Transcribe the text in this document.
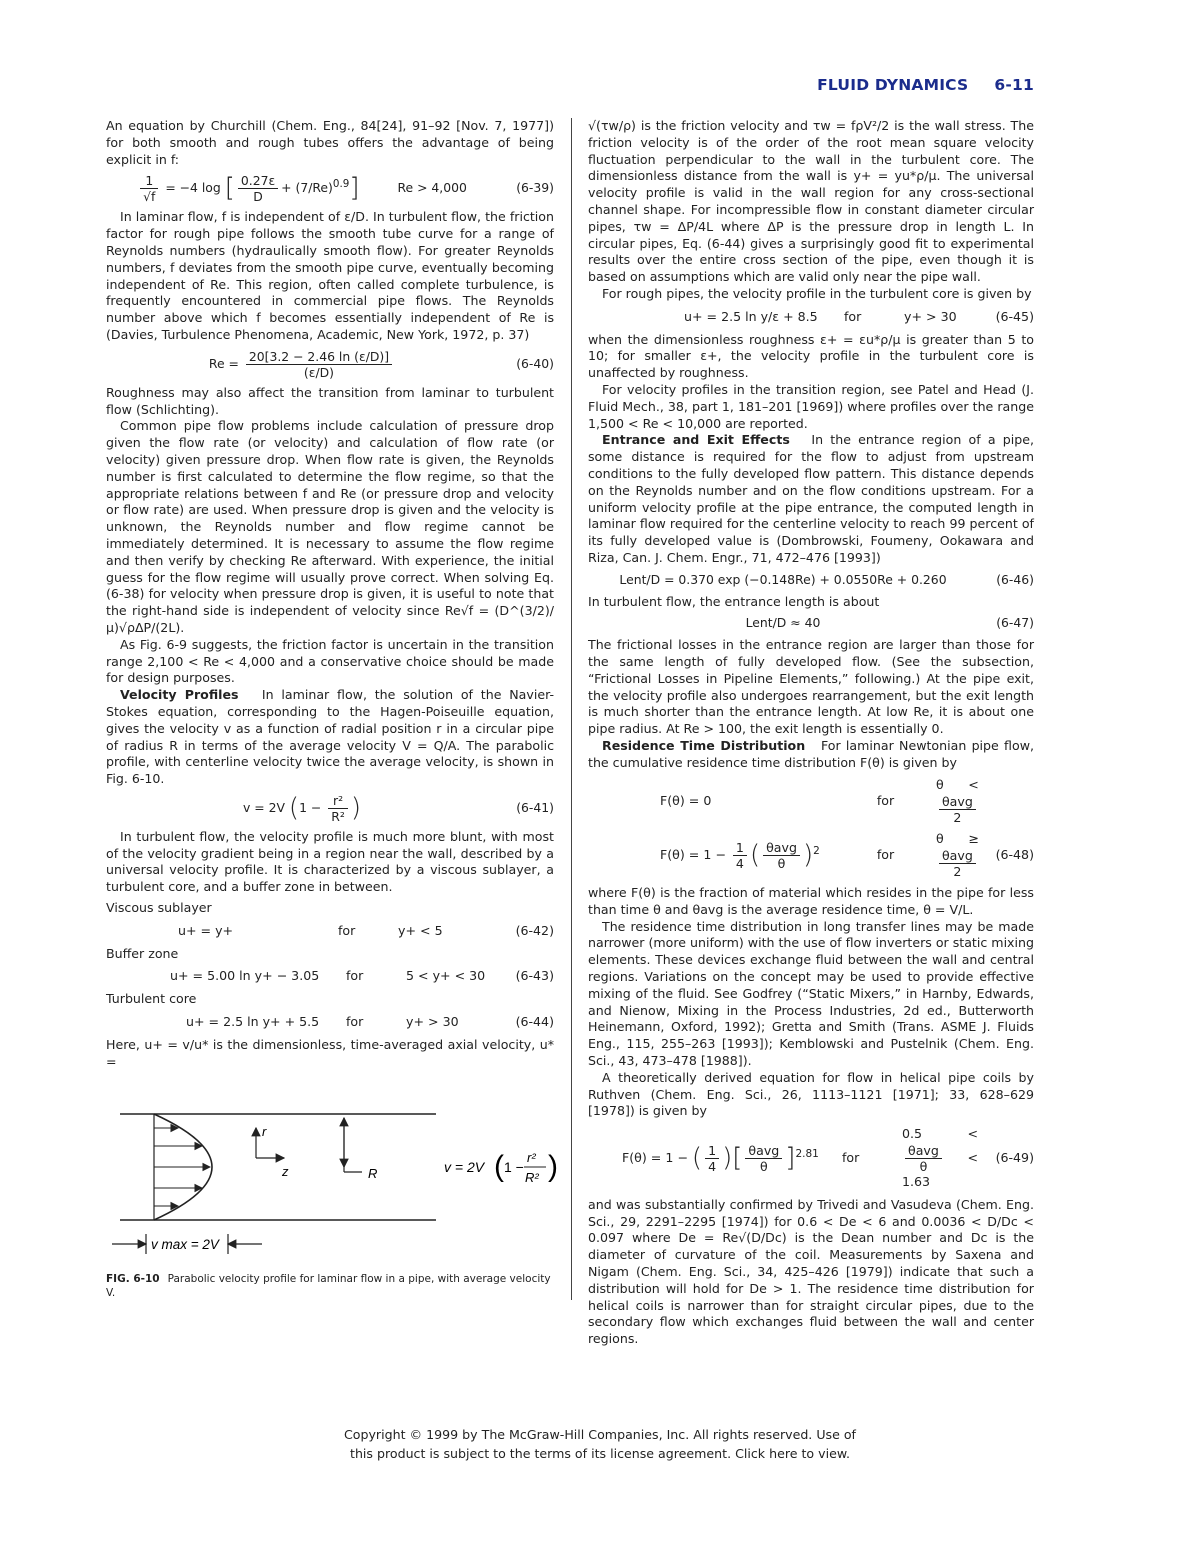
FLUID DYNAMICS 6-11

An equation by Churchill (Chem. Eng., 84[24], 91–92 [Nov. 7, 1977]) for both smooth and rough tubes offers the advantage of being explicit in f:

$\frac{1}{√f} = -4$ log [ $\frac{0.27\varepsilon}{D} + (7/Re)^{0.9}$]	Re > 4,000	(6-39)

In laminar flow, f is independent of ε/D. In turbulent flow, the friction factor for rough pipe follows the smooth tube curve for a range of Reynolds numbers (hydraulically smooth flow). For greater Reynolds numbers, f deviates from the smooth pipe curve, eventually becoming independent of Re. This region, often called complete turbulence, is frequently encountered in commercial pipe flows. The Reynolds number above which f becomes essentially independent of Re is (Davies, Turbulence Phenomena, Academic, New York, 1972, p. 37)

$Re = \frac{20[3.2 - 2.46 \ln (\varepsilon/D)]}{(\varepsilon/D)}$	(6-40)

Roughness may also affect the transition from laminar to turbulent flow (Schlichting).

Common pipe flow problems include calculation of pressure drop given the flow rate (or velocity) and calculation of flow rate (or velocity) given pressure drop. When flow rate is given, the Reynolds number is first calculated to determine the flow regime, so that the appropriate relations between f and Re (or pressure drop and velocity or flow rate) are used. When pressure drop is given and the velocity is unknown, the Reynolds number and flow regime cannot be immediately determined. It is necessary to assume the flow regime and then verify by checking Re afterward. With experience, the initial guess for the flow regime will usually prove correct. When solving Eq. (6-38) for velocity when pressure drop is given, it is useful to note that the right-hand side is independent of velocity since Re√f = (D^(3/2)/μ)√ρΔP/(2L).

As Fig. 6-9 suggests, the friction factor is uncertain in the transition range 2,100 < Re < 4,000 and a conservative choice should be made for design purposes.

Velocity Profiles In laminar flow, the solution of the Navier-Stokes equation, corresponding to the Hagen-Poiseuille equation, gives the velocity v as a function of radial position r in a circular pipe of radius R in terms of the average velocity V = Q/A. The parabolic profile, with centerline velocity twice the average velocity, is shown in Fig. 6-10.

v = 2V ($1 - \frac{\text{r²}}{\text{R²}}$ )	(6-41)

In turbulent flow, the velocity profile is much more blunt, with most of the velocity gradient being in a region near the wall, described by a universal velocity profile. It is characterized by a viscous sublayer, a turbulent core, and a buffer zone in between.

Viscous sublayer

u+ = y+	for	y+ < 5	(6-42)

Buffer zone

u+ = 5.00 ln y+ − 3.05	for	5 < y+ < 30	(6-43)

Turbulent core

u+ = 2.5 ln y+ + 5.5	for	y+ > 30	(6-44)

Here, u+ = v/u* is the dimensionless, time-averaged axial velocity, u* =

r
z	R	v = 2V ( 1 −
r²
R² )
v max = 2V
FIG. 6-10 Parabolic velocity profile for laminar flow in a pipe, with average velocity V.

√(τw/ρ) is the friction velocity and τw = fρV²/2 is the wall stress. The friction velocity is of the order of the root mean square velocity fluctuation perpendicular to the wall in the turbulent core. The dimensionless distance from the wall is y+ = yu*ρ/μ. The universal velocity profile is valid in the wall region for any cross-sectional channel shape. For incompressible flow in constant diameter circular pipes, τw = ΔP/4L where ΔP is the pressure drop in length L. In circular pipes, Eq. (6-44) gives a surprisingly good fit to experimental results over the entire cross section of the pipe, even though it is based on assumptions which are valid only near the pipe wall.

For rough pipes, the velocity profile in the turbulent core is given by

u+ = 2.5 ln y/ε + 8.5	for	y+ > 30	(6-45)

when the dimensionless roughness ε+ = εu*ρ/μ is greater than 5 to 10; for smaller ε+, the velocity profile in the turbulent core is unaffected by roughness.

For velocity profiles in the transition region, see Patel and Head (J. Fluid Mech., 38, part 1, 181–201 [1969]) where profiles over the range 1,500 < Re < 10,000 are reported.

Entrance and Exit Effects In the entrance region of a pipe, some distance is required for the flow to adjust from upstream conditions to the fully developed flow pattern. This distance depends on the Reynolds number and on the flow conditions upstream. For a uniform velocity profile at the pipe entrance, the computed length in laminar flow required for the centerline velocity to reach 99 percent of its fully developed value is (Dombrowski, Foumeny, Ookawara and Riza, Can. J. Chem. Engr., 71, 472–476 [1993])

Lent/D = 0.370 exp (−0.148Re) + 0.0550Re + 0.260	(6-46)

In turbulent flow, the entrance length is about

Lent/D ≈ 40	(6-47)

The frictional losses in the entrance region are larger than those for the same length of fully developed flow. (See the subsection, “Frictional Losses in Pipeline Elements,” following.) At the pipe exit, the velocity profile also undergoes rearrangement, but the exit length is much shorter than the entrance length. At low Re, it is about one pipe radius. At Re > 100, the exit length is essentially 0.

Residence Time Distribution For laminar Newtonian pipe flow, the cumulative residence time distribution F(θ) is given by

F(θ) = 0	for
θ <
$\frac{\text{θavg}}{2}$
$F(\theta) = 1 - \frac{1}{4}$ ( $\frac{\text{θavg}}{\theta} )^2$	for
θ ≥
$\frac{\text{θavg}}{2}$	(6-48)

where F(θ) is the fraction of material which resides in the pipe for less than time θ and θavg is the average residence time, θ = V/L.

The residence time distribution in long transfer lines may be made narrower (more uniform) with the use of flow inverters or static mixing elements. These devices exchange fluid between the wall and central regions. Variations on the concept may be used to provide effective mixing of the fluid. See Godfrey (“Static Mixers,” in Harnby, Edwards, and Nienow, Mixing in the Process Industries, 2d ed., Butterworth Heinemann, Oxford, 1992); Gretta and Smith (Trans. ASME J. Fluids Eng., 115, 255–263 [1993]); Kemblowski and Pustelnik (Chem. Eng. Sci., 43, 473–478 [1988]).

A theoretically derived equation for flow in helical pipe coils by Ruthven (Chem. Eng. Sci., 26, 1113–1121 [1971]; 33, 628–629 [1978]) is given by

F(θ) = 1 − ( $\frac{1}{4}$ )[ $\frac{\text{θavg}}{\theta} ]^{2.81}$	for
0.5 <
$\frac{\text{θavg}}{\theta} < 1.63$
(6-49)

and was substantially confirmed by Trivedi and Vasudeva (Chem. Eng. Sci., 29, 2291–2295 [1974]) for 0.6 < De < 6 and 0.0036 < D/Dc < 0.097 where De = Re√(D/Dc) is the Dean number and Dc is the diameter of curvature of the coil. Measurements by Saxena and Nigam (Chem. Eng. Sci., 34, 425–426 [1979]) indicate that such a distribution will hold for De > 1. The residence time distribution for helical coils is narrower than for straight circular pipes, due to the secondary flow which exchanges fluid between the wall and center regions.

Copyright © 1999 by The McGraw-Hill Companies, Inc. All rights reserved. Use of
this product is subject to the terms of its license agreement. Click here to view.
